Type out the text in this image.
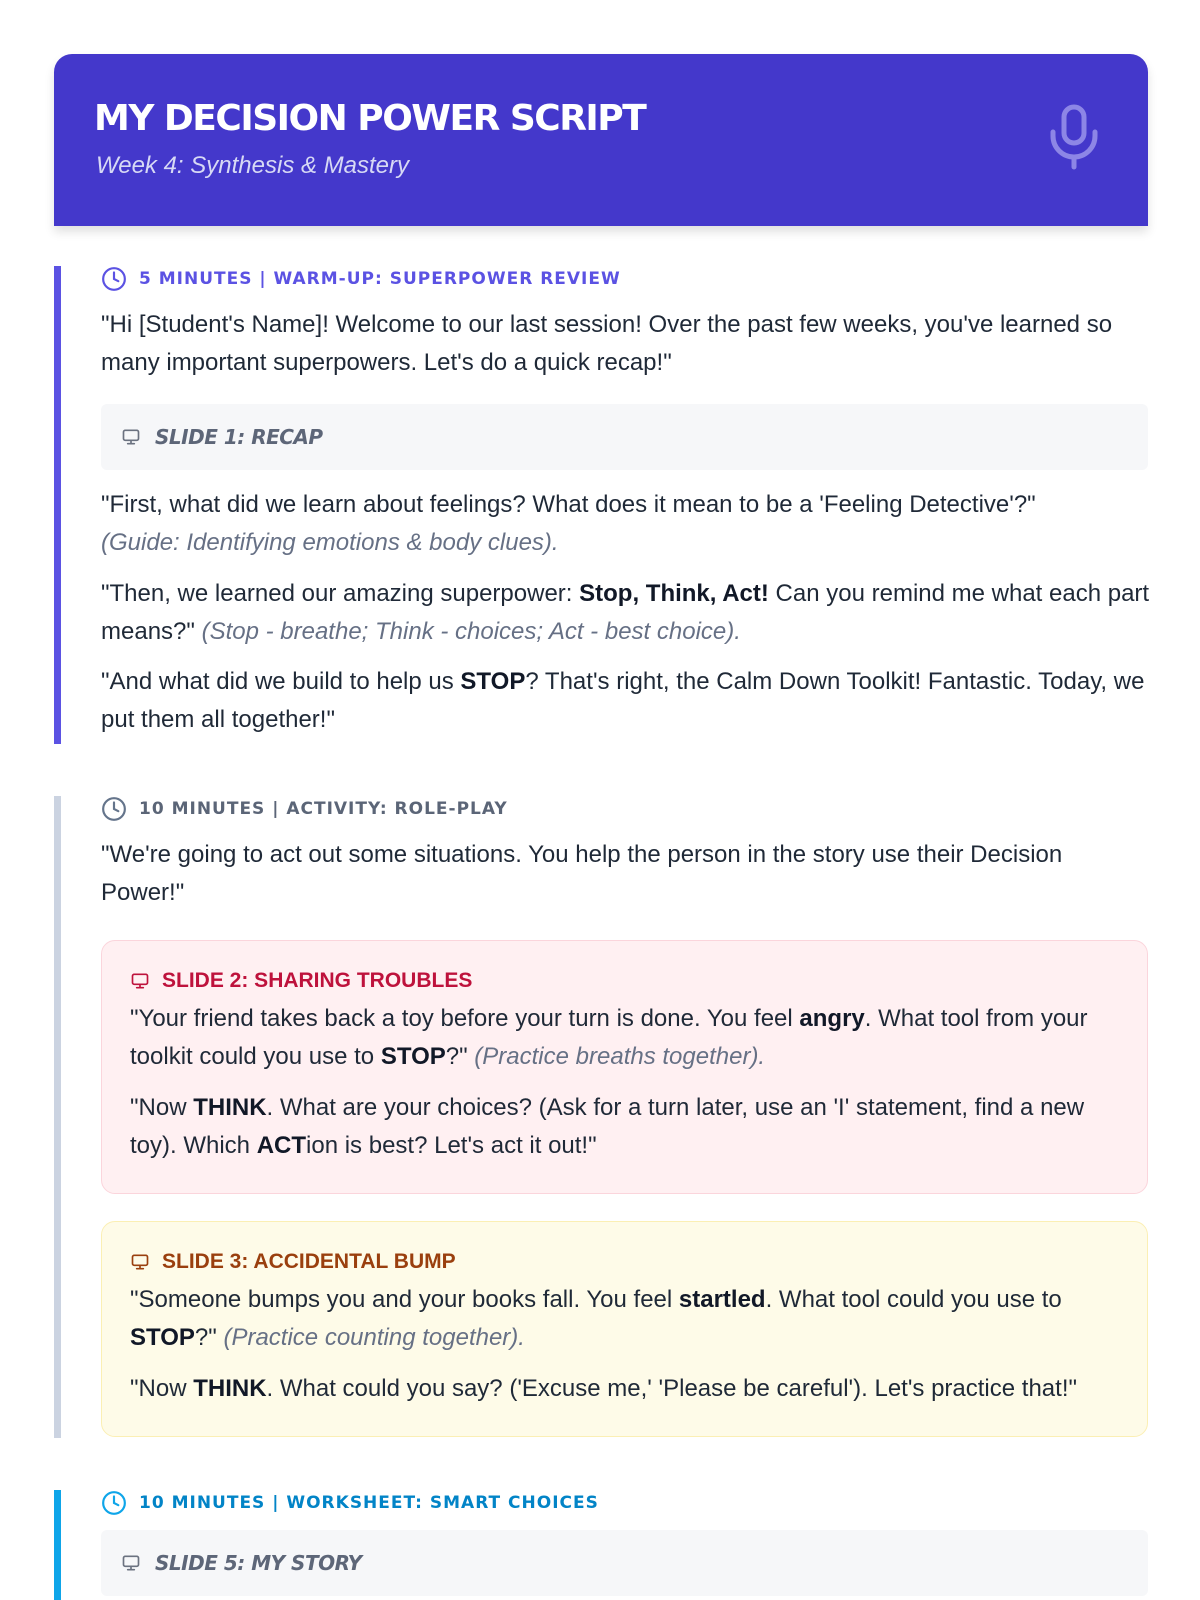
MY DECISION POWER SCRIPT
Week 4: Synthesis & Mastery
5 MINUTES | WARM-UP: SUPERPOWER REVIEW

"Hi [Student's Name]! Welcome to our last session! Over the past few weeks, you've learned so many important superpowers. Let's do a quick recap!"

SLIDE 1: RECAP

"First, what did we learn about feelings? What does it mean to be a 'Feeling Detective'?"
(Guide: Identifying emotions & body clues).

"Then, we learned our amazing superpower: Stop, Think, Act! Can you remind me what each part means?" (Stop - breathe; Think - choices; Act - best choice).

"And what did we build to help us STOP? That's right, the Calm Down Toolkit! Fantastic. Today, we put them all together!"

10 MINUTES | ACTIVITY: ROLE-PLAY

"We're going to act out some situations. You help the person in the story use their Decision Power!"

SLIDE 2: SHARING TROUBLES

"Your friend takes back a toy before your turn is done. You feel angry. What tool from your toolkit could you use to STOP?" (Practice breaths together).

"Now THINK. What are your choices? (Ask for a turn later, use an 'I' statement, find a new toy). Which ACTion is best? Let's act it out!"

SLIDE 3: ACCIDENTAL BUMP

"Someone bumps you and your books fall. You feel startled. What tool could you use to STOP?" (Practice counting together).

"Now THINK. What could you say? ('Excuse me,' 'Please be careful'). Let's practice that!"

10 MINUTES | WORKSHEET: SMART CHOICES
SLIDE 5: MY STORY
